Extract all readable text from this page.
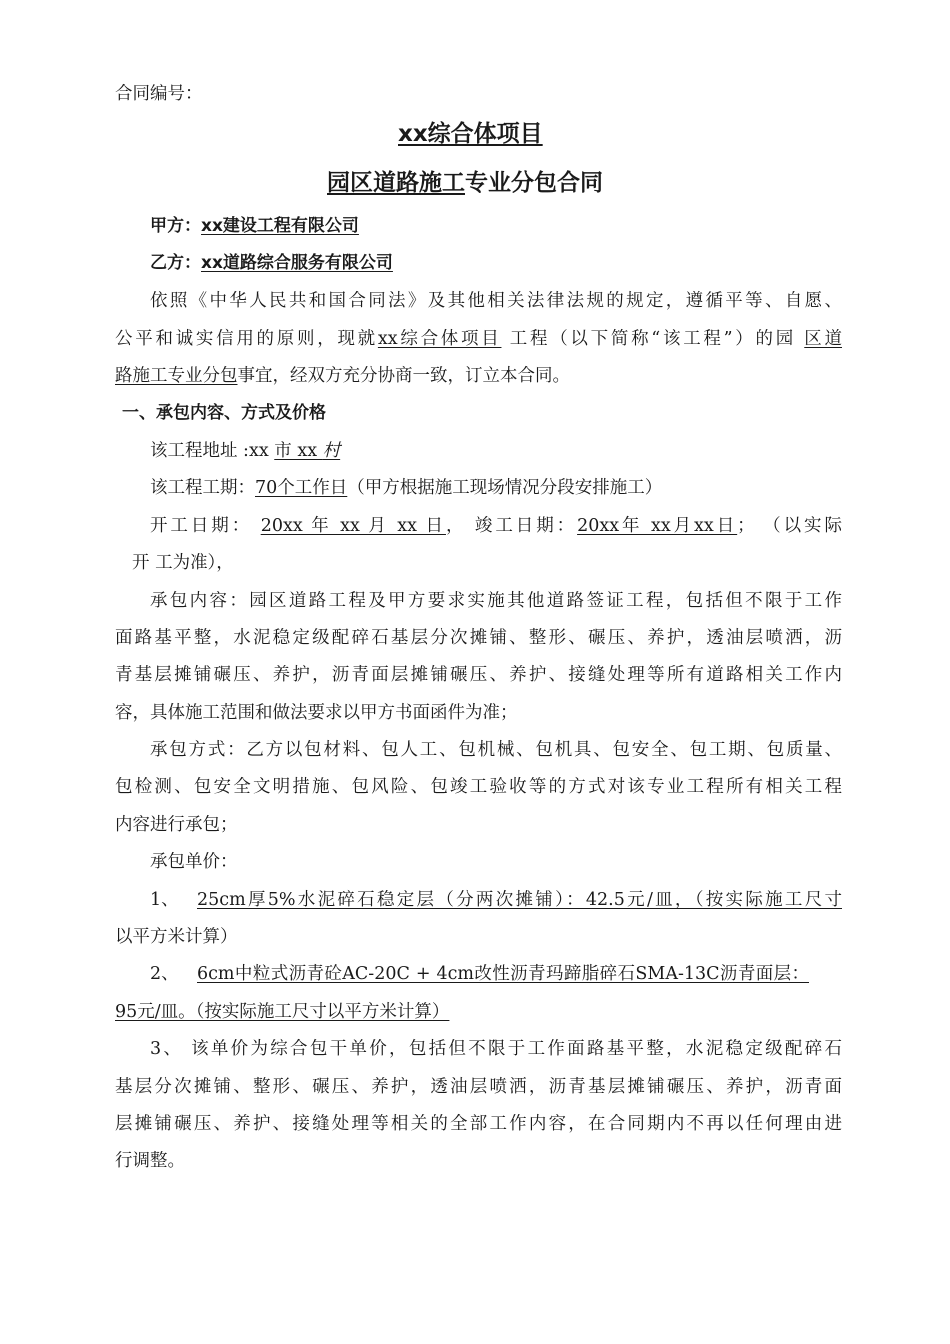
合同编号：
xx综合体项目
园区道路施工专业分包合同
甲方：xx建设工程有限公司
乙方：xx道路综合服务有限公司
依照《中华人民共和国合同法》及其他相关法律法规的规定，遵循平等、自愿、
公平和诚实信用的原则，现就xx综合体项目 工程（以下简称“该工程”）的园 区道
路施工专业分包事宜，经双方充分协商一致，订立本合同。
一、承包内容、方式及价格
该工程地址 :xx 市 xx 村
该工程工期：70个工作日（甲方根据施工现场情况分段安排施工）
开工日期： 20xx 年 xx 月 xx 日， 竣工日期：20xx年 xx月xx日； （以实际
开 工为准），
承包内容：园区道路工程及甲方要求实施其他道路签证工程，包括但不限于工作
面路基平整，水泥稳定级配碎石基层分次摊铺、整形、碾压、养护，透油层喷洒，沥
青基层摊铺碾压、养护，沥青面层摊铺碾压、养护、接缝处理等所有道路相关工作内
容，具体施工范围和做法要求以甲方书面函件为准；
承包方式：乙方以包材料、包人工、包机械、包机具、包安全、包工期、包质量、
包检测、包安全文明措施、包风险、包竣工验收等的方式对该专业工程所有相关工程
内容进行承包；
承包单价：
1、 25cm厚5%水泥碎石稳定层（分两次摊铺）：42.5元/皿，（按实际施工尺寸
以平方米计算）
2、 6cm中粒式沥青砼AC-20C + 4cm改性沥青玛蹄脂碎石SMA-13C沥青面层：
95元/皿。（按实际施工尺寸以平方米计算）
3、 该单价为综合包干单价，包括但不限于工作面路基平整，水泥稳定级配碎石
基层分次摊铺、整形、碾压、养护，透油层喷洒，沥青基层摊铺碾压、养护，沥青面
层摊铺碾压、养护、接缝处理等相关的全部工作内容，在合同期内不再以任何理由进
行调整。
